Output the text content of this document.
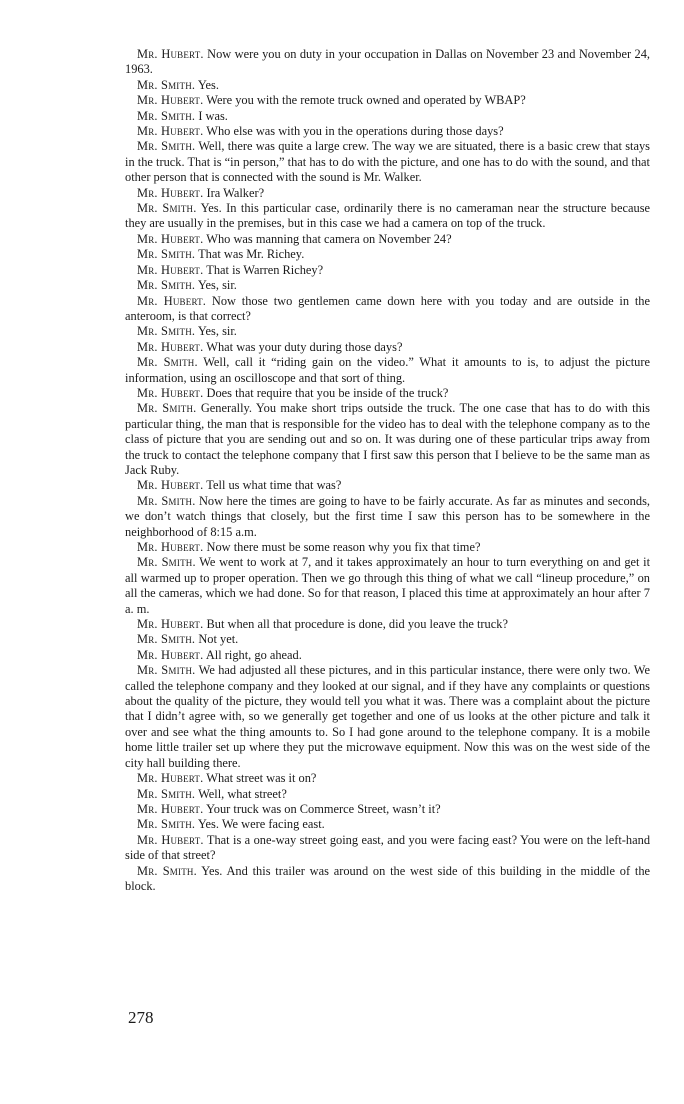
Mr. Hubert. Now were you on duty in your occupation in Dallas on November 23 and November 24, 1963.

Mr. Smith. Yes.

Mr. Hubert. Were you with the remote truck owned and operated by WBAP?

Mr. Smith. I was.

Mr. Hubert. Who else was with you in the operations during those days?

Mr. Smith. Well, there was quite a large crew. The way we are situated, there is a basic crew that stays in the truck. That is “in person,” that has to do with the picture, and one has to do with the sound, and that other person that is connected with the sound is Mr. Walker.

Mr. Hubert. Ira Walker?

Mr. Smith. Yes. In this particular case, ordinarily there is no cameraman near the structure because they are usually in the premises, but in this case we had a camera on top of the truck.

Mr. Hubert. Who was manning that camera on November 24?

Mr. Smith. That was Mr. Richey.

Mr. Hubert. That is Warren Richey?

Mr. Smith. Yes, sir.

Mr. Hubert. Now those two gentlemen came down here with you today and are outside in the anteroom, is that correct?

Mr. Smith. Yes, sir.

Mr. Hubert. What was your duty during those days?

Mr. Smith. Well, call it “riding gain on the video.” What it amounts to is, to adjust the picture information, using an oscilloscope and that sort of thing.

Mr. Hubert. Does that require that you be inside of the truck?

Mr. Smith. Generally. You make short trips outside the truck. The one case that has to do with this particular thing, the man that is responsible for the video has to deal with the telephone company as to the class of picture that you are sending out and so on. It was during one of these particular trips away from the truck to contact the telephone company that I first saw this person that I believe to be the same man as Jack Ruby.

Mr. Hubert. Tell us what time that was?

Mr. Smith. Now here the times are going to have to be fairly accurate. As far as minutes and seconds, we don’t watch things that closely, but the first time I saw this person has to be somewhere in the neighborhood of 8:15 a.m.

Mr. Hubert. Now there must be some reason why you fix that time?

Mr. Smith. We went to work at 7, and it takes approximately an hour to turn everything on and get it all warmed up to proper operation. Then we go through this thing of what we call “lineup procedure,” on all the cameras, which we had done. So for that reason, I placed this time at approximately an hour after 7 a. m.

Mr. Hubert. But when all that procedure is done, did you leave the truck?

Mr. Smith. Not yet.

Mr. Hubert. All right, go ahead.

Mr. Smith. We had adjusted all these pictures, and in this particular instance, there were only two. We called the telephone company and they looked at our signal, and if they have any complaints or questions about the quality of the picture, they would tell you what it was. There was a complaint about the picture that I didn’t agree with, so we generally get together and one of us looks at the other picture and talk it over and see what the thing amounts to. So I had gone around to the telephone company. It is a mobile home little trailer set up where they put the microwave equipment. Now this was on the west side of the city hall building there.

Mr. Hubert. What street was it on?

Mr. Smith. Well, what street?

Mr. Hubert. Your truck was on Commerce Street, wasn’t it?

Mr. Smith. Yes. We were facing east.

Mr. Hubert. That is a one-way street going east, and you were facing east? You were on the left-hand side of that street?

Mr. Smith. Yes. And this trailer was around on the west side of this building in the middle of the block.

278
